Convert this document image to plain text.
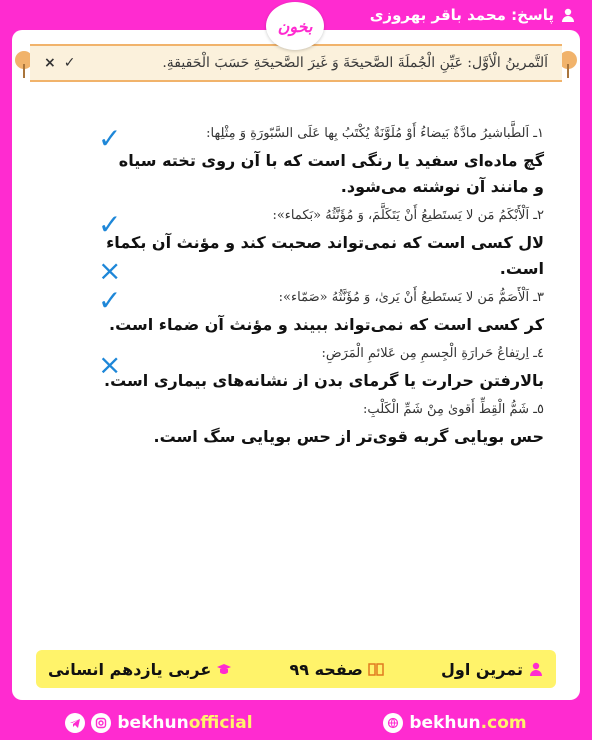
پاسخ: محمد باقر بهروزی
× ✓	اَلتَّمرينُ الْأوَّل: عَيِّنِ الْجُملَةَ الصَّحيحَةَ وَ غَيرَ الصَّحيحَةِ حَسَبَ الْحَقيقةِ.

١ـ اَلطَّباشيرُ مادَّةٌ بَيضاءُ أَوْ مُلَوَّنَةٌ يُكْتَبُ بِها عَلَى السَّبّورَةِ وَ مِثْلِها:

گچ ماده‌ای سفید یا رنگی است که با آن روی تخته سیاه و مانند آن نوشته می‌شود.

٢ـ اَلْأَبْكَمُ مَن لا يَستَطيعُ أَنْ يَتَكَلَّمَ، وَ مُؤَنَّثُهُ «بَكماء»:

لال کسی است که نمی‌تواند صحبت کند و مؤنث آن بکماء است.

٣ـ اَلْأَصَمُّ مَن لا يَستَطيعُ أَنْ يَرىٰ، وَ مُؤَنَّثُهُ «صَمّاء»:

کر کسی است که نمی‌تواند ببیند و مؤنث آن ضماء است.

٤ـ اِرتِفاعُ حَرارَةِ الْجِسمِ مِن عَلائمِ الْمَرَضِ:

بالارفتن حرارت یا گرمای بدن از نشانه‌های بیماری است.

٥ـ شَمُّ الْقِطِّ أَقوىٰ مِنْ شَمِّ الْكَلْبِ:

حس بویایی گربه قوی‌تر از حس بویایی سگ است.

✓
✓
×
✓
×
تمرین اول
صفحه ۹۹
عربی یازدهم انسانی
بخون
bekhunofficial	bekhun.com
